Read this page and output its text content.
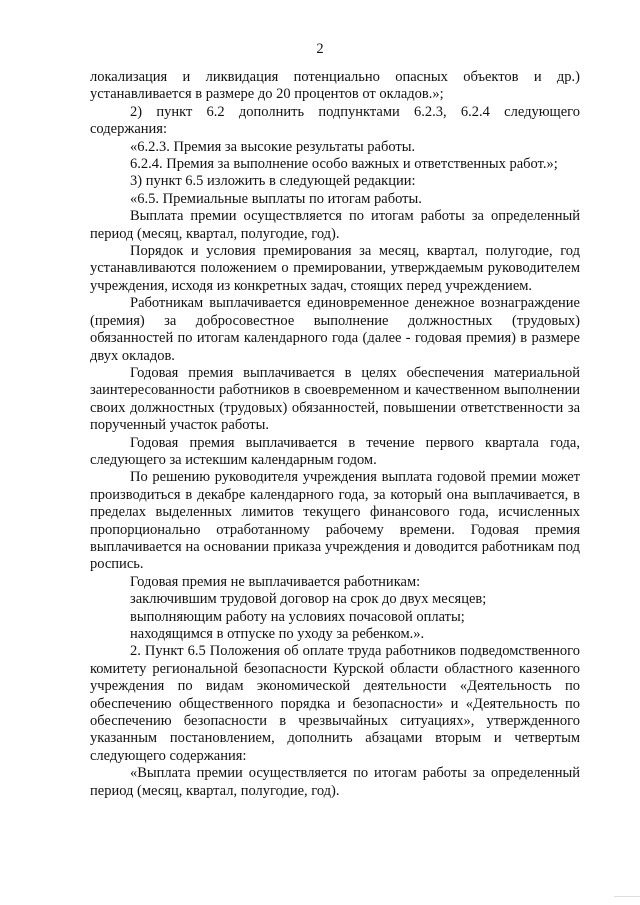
2

локализация и ликвидация потенциально опасных объектов и др.) устанавливается в размере до 20 процентов от окладов.»;

2) пункт 6.2 дополнить подпунктами 6.2.3, 6.2.4 следующего содержания:

«6.2.3. Премия за высокие результаты работы.

6.2.4. Премия за выполнение особо важных и ответственных работ.»;

3) пункт 6.5 изложить в следующей редакции:

«6.5. Премиальные выплаты по итогам работы.

Выплата премии осуществляется по итогам работы за определенный период (месяц, квартал, полугодие, год).

Порядок и условия премирования за месяц, квартал, полугодие, год устанавливаются положением о премировании, утверждаемым руководителем учреждения, исходя из конкретных задач, стоящих перед учреждением.

Работникам выплачивается единовременное денежное вознаграждение (премия) за добросовестное выполнение должностных (трудовых) обязанностей по итогам календарного года (далее - годовая премия) в размере двух окладов.

Годовая премия выплачивается в целях обеспечения материальной заинтересованности работников в своевременном и качественном выполнении своих должностных (трудовых) обязанностей, повышении ответственности за порученный участок работы.

Годовая премия выплачивается в течение первого квартала года, следующего за истекшим календарным годом.

По решению руководителя учреждения выплата годовой премии может производиться в декабре календарного года, за который она выплачивается, в пределах выделенных лимитов текущего финансового года, исчисленных пропорционально отработанному рабочему времени. Годовая премия выплачивается на основании приказа учреждения и доводится работникам под роспись.

Годовая премия не выплачивается работникам:

заключившим трудовой договор на срок до двух месяцев;

выполняющим работу на условиях почасовой оплаты;

находящимся в отпуске по уходу за ребенком.».

2. Пункт 6.5 Положения об оплате труда работников подведомственного комитету региональной безопасности Курской области областного казенного учреждения по видам экономической деятельности «Деятельность по обеспечению общественного порядка и безопасности» и «Деятельность по обеспечению безопасности в чрезвычайных ситуациях», утвержденного указанным постановлением, дополнить абзацами вторым и четвертым следующего содержания:

«Выплата премии осуществляется по итогам работы за определенный период (месяц, квартал, полугодие, год).
